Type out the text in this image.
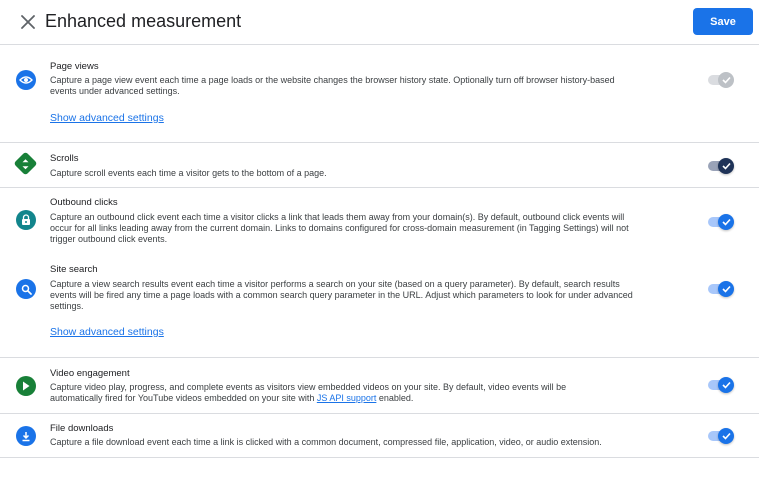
Enhanced measurement	Save
Page views
Capture a page view event each time a page loads or the website changes the browser history state. Optionally turn off browser history-based events under advanced settings.
Show advanced settings
Scrolls
Capture scroll events each time a visitor gets to the bottom of a page.
Outbound clicks
Capture an outbound click event each time a visitor clicks a link that leads them away from your domain(s). By default, outbound click events will occur for all links leading away from the current domain. Links to domains configured for cross-domain measurement (in Tagging Settings) will not trigger outbound click events.
Site search
Capture a view search results event each time a visitor performs a search on your site (based on a query parameter). By default, search results events will be fired any time a page loads with a common search query parameter in the URL. Adjust which parameters to look for under advanced settings.
Show advanced settings
Video engagement
Capture video play, progress, and complete events as visitors view embedded videos on your site. By default, video events will be automatically fired for YouTube videos embedded on your site with JS API support enabled.
File downloads
Capture a file download event each time a link is clicked with a common document, compressed file, application, video, or audio extension.
